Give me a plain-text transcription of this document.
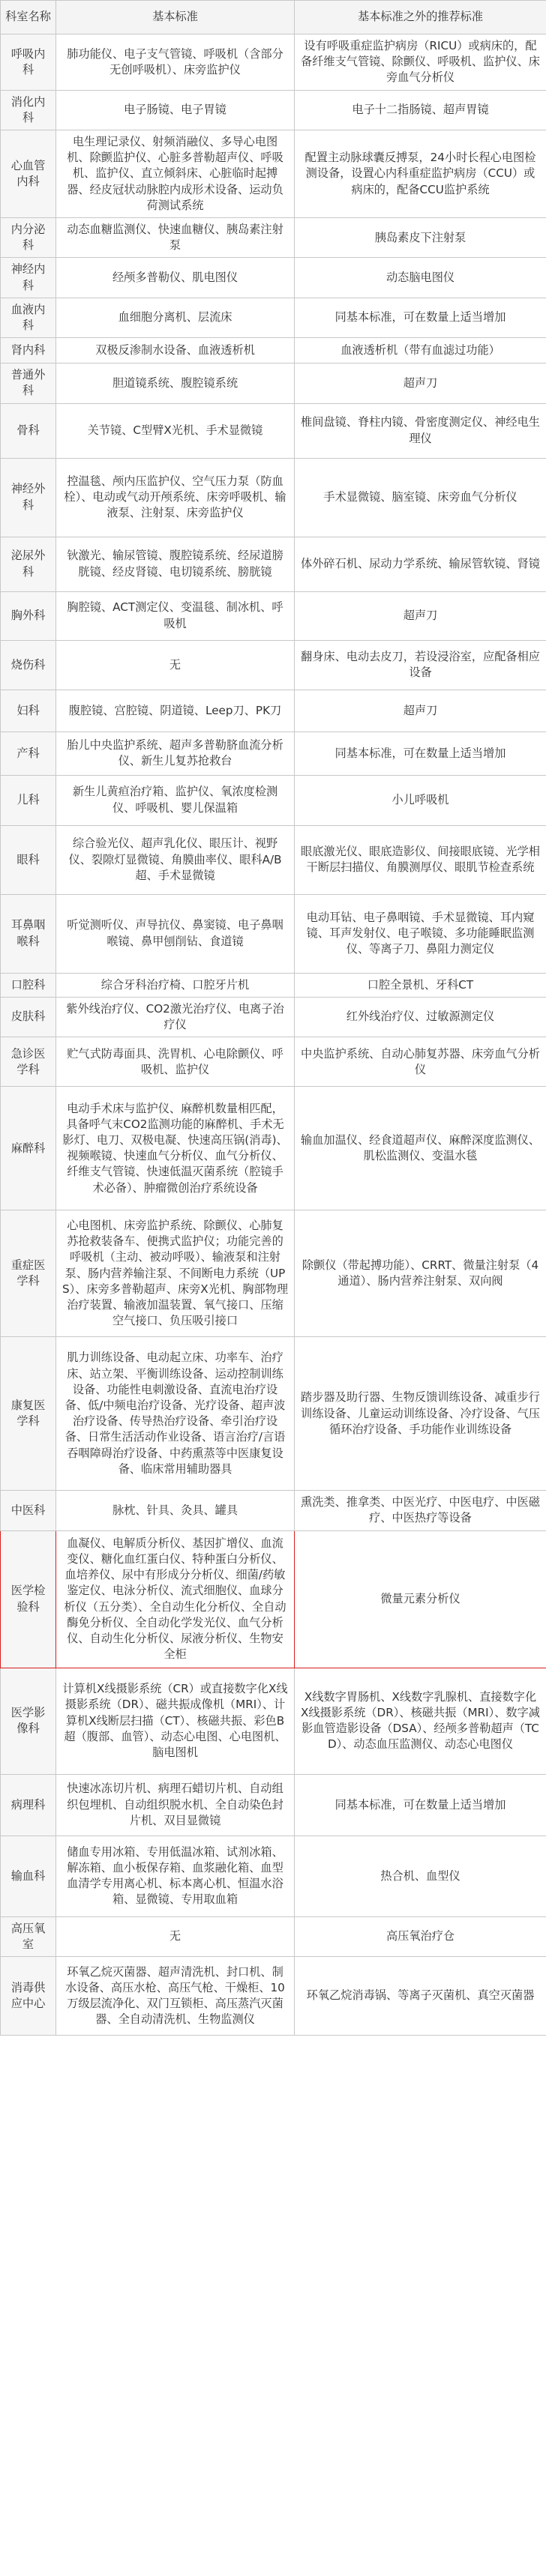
科室名称	基本标准	基本标准之外的推荐标准
呼吸内科	肺功能仪、电子支气管镜、呼吸机（含部分无创呼吸机）、床旁监护仪	设有呼吸重症监护病房（RICU）或病床的，配备纤维支气管镜、除颤仪、呼吸机、监护仪、床旁血气分析仪
消化内科	电子肠镜、电子胃镜	电子十二指肠镜、超声胃镜
心血管内科	电生理记录仪、射频消融仪、多导心电图机、除颤监护仪、心脏多普勒超声仪、呼吸机、监护仪、直立倾斜床、心脏临时起搏器、经皮冠状动脉腔内成形术设备、运动负荷测试系统	配置主动脉球囊反搏泵，24小时长程心电图检测设备，设置心内科重症监护病房（CCU）或病床的，配备CCU监护系统
内分泌科	动态血糖监测仪、快速血糖仪、胰岛素注射泵	胰岛素皮下注射泵
神经内科	经颅多普勒仪、肌电图仪	动态脑电图仪
血液内科	血细胞分离机、层流床	同基本标准，可在数量上适当增加
肾内科	双极反渗制水设备、血液透析机	血液透析机（带有血滤过功能）
普通外科	胆道镜系统、腹腔镜系统	超声刀
骨科	关节镜、C型臂X光机、手术显微镜	椎间盘镜、脊柱内镜、骨密度测定仪、神经电生理仪
神经外科	控温毯、颅内压监护仪、空气压力泵（防血栓）、电动或气动开颅系统、床旁呼吸机、输液泵、注射泵、床旁监护仪	手术显微镜、脑室镜、床旁血气分析仪
泌尿外科	钬激光、输尿管镜、腹腔镜系统、经尿道膀胱镜、经皮肾镜、电切镜系统、膀胱镜	体外碎石机、尿动力学系统、输尿管软镜、肾镜
胸外科	胸腔镜、ACT测定仪、变温毯、制冰机、呼吸机	超声刀
烧伤科	无	翻身床、电动去皮刀，若设浸浴室，应配备相应设备
妇科	腹腔镜、宫腔镜、阴道镜、Leep刀、PK刀	超声刀
产科	胎儿中央监护系统、超声多普勒脐血流分析仪、新生儿复苏抢救台	同基本标准，可在数量上适当增加
儿科	新生儿黄疸治疗箱、监护仪、氧浓度检测仪、呼吸机、婴儿保温箱	小儿呼吸机
眼科	综合验光仪、超声乳化仪、眼压计、视野仪、裂隙灯显微镜、角膜曲率仪、眼科A/B超、手术显微镜	眼底激光仪、眼底造影仪、间接眼底镜、光学相干断层扫描仪、角膜测厚仪、眼肌节检查系统
耳鼻咽喉科	听觉测听仪、声导抗仪、鼻窦镜、电子鼻咽喉镜、鼻甲刨削钻、食道镜	电动耳钻、电子鼻咽镜、手术显微镜、耳内窥镜、耳声发射仪、电子喉镜、多功能睡眠监测仪、等离子刀、鼻阻力测定仪
口腔科	综合牙科治疗椅、口腔牙片机	口腔全景机、牙科CT
皮肤科	紫外线治疗仪、CO2激光治疗仪、电离子治疗仪	红外线治疗仪、过敏源测定仪
急诊医学科	贮气式防毒面具、洗胃机、心电除颤仪、呼吸机、监护仪	中央监护系统、自动心肺复苏器、床旁血气分析仪
麻醉科	电动手术床与监护仪、麻醉机数量相匹配，具备呼气末CO2监测功能的麻醉机、手术无影灯、电刀、双极电凝、快速高压锅(消毒)、视频喉镜、快速血气分析仪、血气分析仪、纤维支气管镜、快速低温灭菌系统（腔镜手术必备）、肿瘤微创治疗系统设备	输血加温仪、经食道超声仪、麻醉深度监测仪、肌松监测仪、变温水毯
重症医学科	心电图机、床旁监护系统、除颤仪、心肺复苏抢救装备车、便携式监护仪；功能完善的呼吸机（主动、被动呼吸）、输液泵和注射泵、肠内营养输注泵、不间断电力系统（UPS）、床旁多普勒超声、床旁X光机、胸部物理治疗装置、输液加温装置、氧气接口、压缩空气接口、负压吸引接口	除颤仪（带起搏功能）、CRRT、微量注射泵（4通道）、肠内营养注射泵、双向阀
康复医学科	肌力训练设备、电动起立床、功率车、治疗床、站立架、平衡训练设备、运动控制训练设备、功能性电刺激设备、直流电治疗设备、低/中频电治疗设备、光疗设备、超声波治疗设备、传导热治疗设备、牵引治疗设备、日常生活活动作业设备、语言治疗/言语吞咽障碍治疗设备、中药熏蒸等中医康复设备、临床常用辅助器具	踏步器及助行器、生物反馈训练设备、减重步行训练设备、儿童运动训练设备、冷疗设备、气压循环治疗设备、手功能作业训练设备
中医科	脉枕、针具、灸具、罐具	熏洗类、推拿类、中医光疗、中医电疗、中医磁疗、中医热疗等设备
医学检验科	血凝仪、电解质分析仪、基因扩增仪、血流变仪、糖化血红蛋白仪、特种蛋白分析仪、血培养仪、尿中有形成分分析仪、细菌/药敏鉴定仪、电泳分析仪、流式细胞仪、血球分析仪（五分类）、全自动生化分析仪、全自动酶免分析仪、全自动化学发光仪、血气分析仪、自动生化分析仪、尿液分析仪、生物安全柜	微量元素分析仪
医学影像科	计算机X线摄影系统（CR）或直接数字化X线摄影系统（DR）、磁共振成像机（MRI）、计算机X线断层扫描（CT）、核磁共振、彩色B超（腹部、血管）、动态心电图、心电图机、脑电图机	X线数字胃肠机、X线数字乳腺机、直接数字化X线摄影系统（DR）、核磁共振（MRI）、数字减影血管造影设备（DSA）、经颅多普勒超声（TCD）、动态血压监测仪、动态心电图仪
病理科	快速冰冻切片机、病理石蜡切片机、自动组织包埋机、自动组织脱水机、全自动染色封片机、双目显微镜	同基本标准，可在数量上适当增加
输血科	储血专用冰箱、专用低温冰箱、试剂冰箱、解冻箱、血小板保存箱、血浆融化箱、血型血清学专用离心机、标本离心机、恒温水浴箱、显微镜、专用取血箱	热合机、血型仪
高压氧室	无	高压氧治疗仓
消毒供应中心	环氧乙烷灭菌器、超声清洗机、封口机、制水设备、高压水枪、高压气枪、干燥柜、10万级层流净化、双门互锁柜、高压蒸汽灭菌器、全自动清洗机、生物监测仪	环氧乙烷消毒锅、等离子灭菌机、真空灭菌器
